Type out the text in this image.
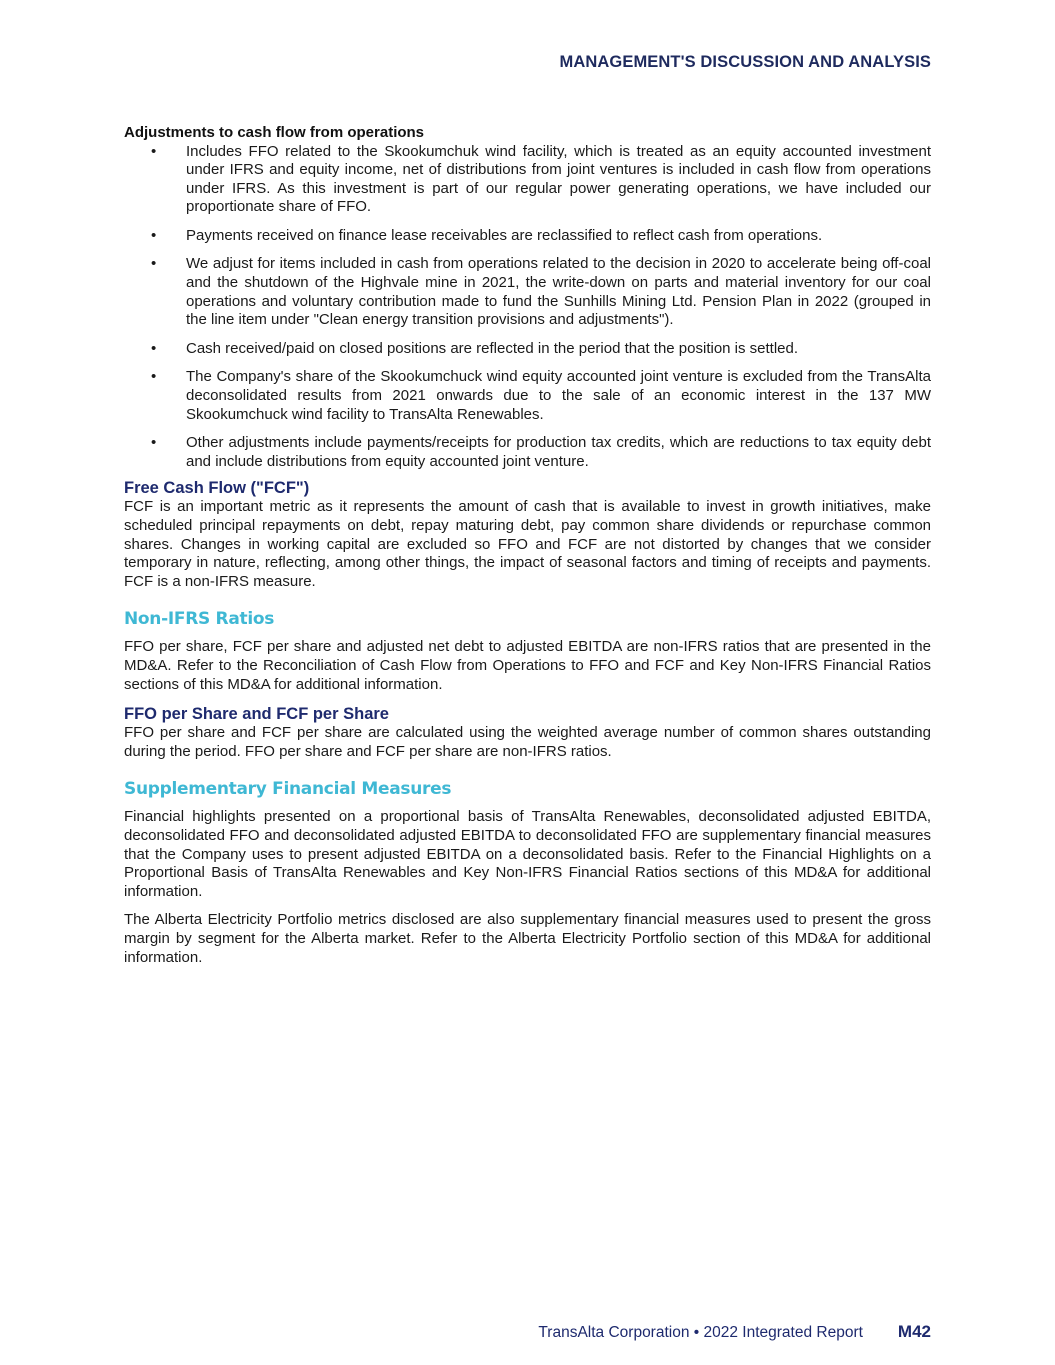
MANAGEMENT'S DISCUSSION AND ANALYSIS
Adjustments to cash flow from operations
• Includes FFO related to the Skookumchuk wind facility, which is treated as an equity accounted investment under IFRS and equity income, net of distributions from joint ventures is included in cash flow from operations under IFRS. As this investment is part of our regular power generating operations, we have included our proportionate share of FFO.
• Payments received on finance lease receivables are reclassified to reflect cash from operations.
• We adjust for items included in cash from operations related to the decision in 2020 to accelerate being off-coal and the shutdown of the Highvale mine in 2021, the write-down on parts and material inventory for our coal operations and voluntary contribution made to fund the Sunhills Mining Ltd. Pension Plan in 2022 (grouped in the line item under "Clean energy transition provisions and adjustments").
• Cash received/paid on closed positions are reflected in the period that the position is settled.
• The Company's share of the Skookumchuck wind equity accounted joint venture is excluded from the TransAlta deconsolidated results from 2021 onwards due to the sale of an economic interest in the 137 MW Skookumchuck wind facility to TransAlta Renewables.
• Other adjustments include payments/receipts for production tax credits, which are reductions to tax equity debt and include distributions from equity accounted joint venture.
Free Cash Flow ("FCF")

FCF is an important metric as it represents the amount of cash that is available to invest in growth initiatives, make scheduled principal repayments on debt, repay maturing debt, pay common share dividends or repurchase common shares. Changes in working capital are excluded so FFO and FCF are not distorted by changes that we consider temporary in nature, reflecting, among other things, the impact of seasonal factors and timing of receipts and payments. FCF is a non-IFRS measure.

Non-IFRS Ratios

FFO per share, FCF per share and adjusted net debt to adjusted EBITDA are non-IFRS ratios that are presented in the MD&A. Refer to the Reconciliation of Cash Flow from Operations to FFO and FCF and Key Non-IFRS Financial Ratios sections of this MD&A for additional information.

FFO per Share and FCF per Share

FFO per share and FCF per share are calculated using the weighted average number of common shares outstanding during the period. FFO per share and FCF per share are non-IFRS ratios.

Supplementary Financial Measures

Financial highlights presented on a proportional basis of TransAlta Renewables, deconsolidated adjusted EBITDA, deconsolidated FFO and deconsolidated adjusted EBITDA to deconsolidated FFO are supplementary financial measures that the Company uses to present adjusted EBITDA on a deconsolidated basis. Refer to the Financial Highlights on a Proportional Basis of TransAlta Renewables and Key Non-IFRS Financial Ratios sections of this MD&A for additional information.

The Alberta Electricity Portfolio metrics disclosed are also supplementary financial measures used to present the gross margin by segment for the Alberta market. Refer to the Alberta Electricity Portfolio section of this MD&A for additional information.

TransAlta Corporation • 2022 Integrated Report M42
